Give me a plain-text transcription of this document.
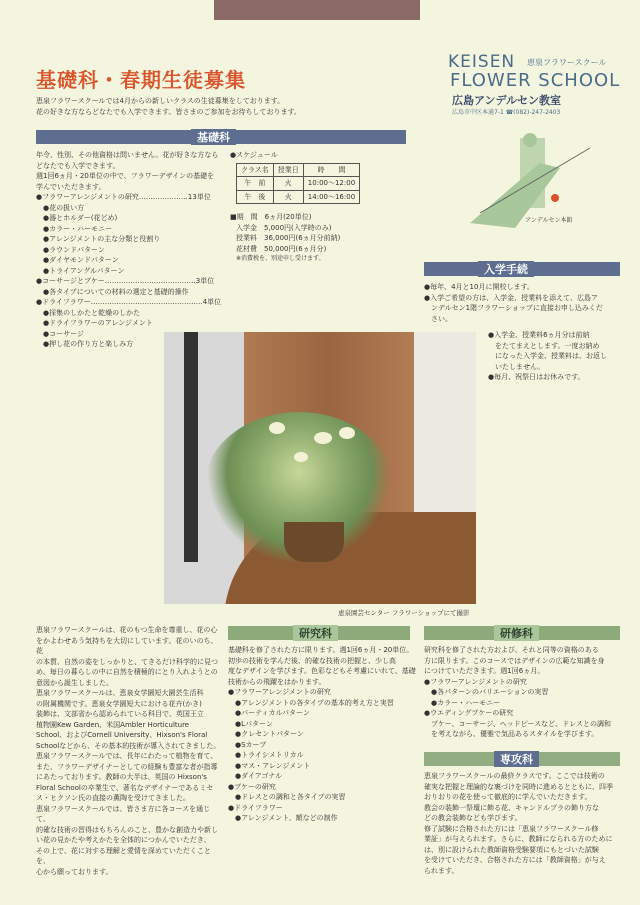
基礎科・春期生徒募集
恵泉フラワースクールでは4月からの新しいクラスの生徒募集をしております。
花の好きな方ならどなたでも入学できます。皆さまのご参加をお待ちしております。
KEISEN 恵泉フラワースクール
FLOWER SCHOOL
広島アンデルセン教室
広島市中区本通7-1 ☎(082)-247-2403
基礎科
年令、性別、その他資格は問いません。花が好きな方なら
どなたでも入学できます。
週1回6ヵ月・20単位の中で、フラワーデザインの基礎を
学んでいただきます。
●フラワーアレンジメントの研究…………………13単位
　●花の扱い方
　●器とホルダー(花どめ)
　●カラー・ハーモニー
　●アレンジメントの主な分類と役割り
　●ラウンドパターン
　●ダイヤモンドパターン
　●トライアングルパターン
●コーサージとブケー…………………………………3単位
　●各タイプについての材料の選定と基礎的操作
●ドライフラワー…………………………………………4単位
　●採集のしかたと乾燥のしかた
　●ドライフラワーのアレンジメント
　●コーサージ
　●押し花の作り方と楽しみ方
●スケジュール
クラス名	授業日	時　　間
午　前	火	10:00～12:00
午　後	火	14:00～16:00
■期　間　6ヵ月(20単位)
入学金　5,000円(入学時のみ)
授業料　36,000円(6ヵ月分前納)
花材費　50,000円(6ヵ月分)
※消費税を、別途申し受けます。
アンデルセン本館
入学手続
●毎年、4月と10月に開校します。
●入学ご希望の方は、入学金、授業料を添えて、広島ア
　ンデルセン1階フラワーショップに直接お申し込みくだ
　さい。
●入学金、授業料6ヵ月分は前納
　をたてまえとします。一度お納め
　になった入学金、授業料は、お返し
　いたしません。
●毎月、祝祭日はお休みです。
恵泉園芸センター フラワーショップにて撮影
恵泉フラワースクールは、花のもつ生命を尊重し、花の心
をかよわせあう気持ちを大切にしています。花のいのち、花
の本質、自然の姿をしっかりと、てきるだけ科学的に見つ
め、毎日の暮らしの中に自然を積極的にとり入れようとの
意図から誕生しました。
恵泉フラワースクールは、恵泉女学園短大園芸生活科
の附属機関です。恵泉女学園短大における花卉(かき)
装飾は、文部省から認められている科目で、英国王立
植物園Kew Garden、米国Ambler Horticulture
School、およびCornell University、Hixson's Floral
Schoolなどから、その基本的技術が導入されてきました。
恵泉フラワースクールでは、長年にわたって植物を育て、
また、フラワーデザイナーとしての経験も豊富な者が指導
にあたっております。教師の大半は、英国の Hixson's
Floral Schoolの卒業生で、著名なデザイナーであるミセ
ス・ヒクソン氏の直接の薫陶を受けてきました。
恵泉フラワースクールでは、皆さま方に各コースを通じて、
的確な技術の習得はもちろんのこと、豊かな創造力や新し
い花の見かたや考えかたを全体的につかんでいただき、
その上で、花に対する理解と愛情を深めていただくことを、
心から願っております。
研究科
基礎科を修了された方に限ります。週1回6ヵ月・20単位。
初歩の技術を学んだ後、的確な技術の把握と、少し高
度なデザインを学びます。色彩などもそ考慮にいれて、基礎
技術からの飛躍をはかります。
●フラワーアレンジメントの研究
　●アレンジメントの各タイプの基本的考え方と実習
　●パーティカルパターン
　●Lパターン
　●クレセントパターン
　●Sカーブ
　●トライシメトリカル
　●マス・アレンジメント
　●ダイアゴナル
●ブケーの研究
　●ドレスとの調和と各タイプの実習
●ドライフラワー
　●アレンジメント、額などの制作
研修科
研究科を修了された方および、それと同等の資格のある
方に限ります。このコースではデザインの広範な知識を身
につけていただきます。週1回6ヵ月。
●フラワーアレンジメントの研究
　●各パターンのバリエーションの実習
　●カラー・ハーモニー
●ウエディングブケーの研究
　ブケー、コーサージ、ヘッドピースなど、ドレスとの調和
　を考えながら、優雅で気品あるスタイルを学びます。
専攻科
恵泉フラワースクールの最終クラスです。ここでは技術の
確実な把握と理論的な裏づけを同時に進めるとともに、四季
おりおりの花を使って徹底的に学んでいただきます。
教会の装飾一祭壇に飾る花、キャンドルブラの飾り方な
どの教会装飾なども学びます。
修了試験に合格された方には「恵泉フラワースクール修
業証」が与えられます。さらに、教師になられる方のために
は、別に設けられた教師資格受験要項にもとづいた試験
を受けていただき、合格された方には「教師資格」が与え
られます。
